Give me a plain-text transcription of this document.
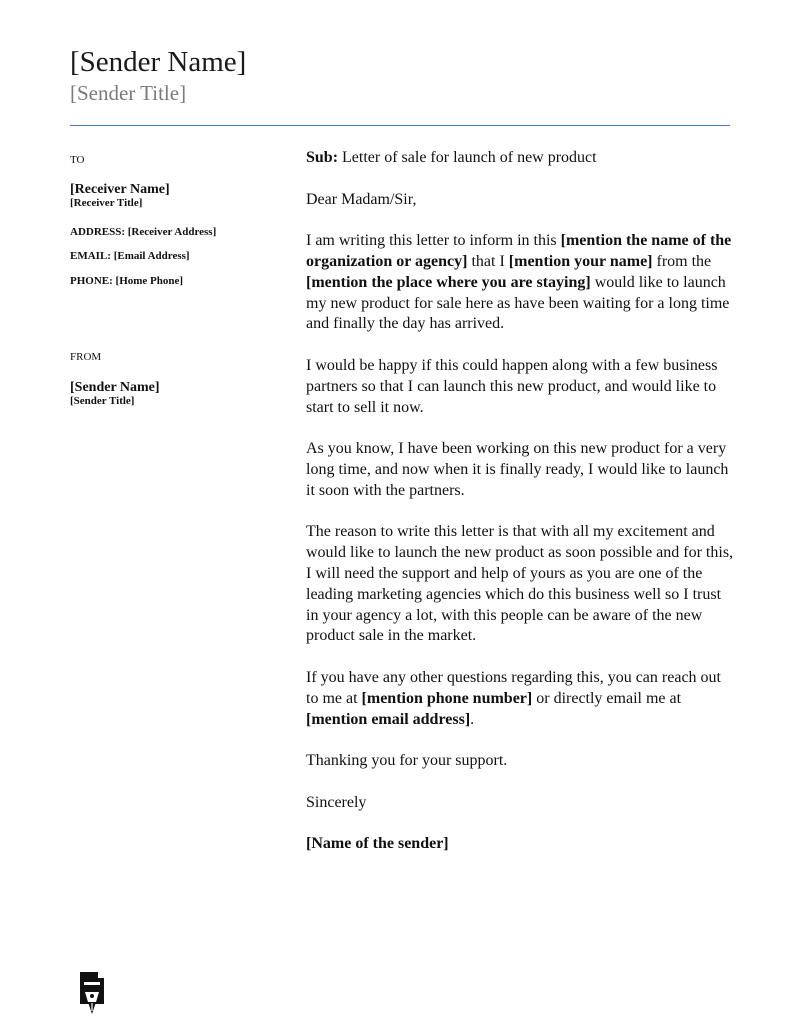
[Sender Name]
[Sender Title]
TO
[Receiver Name]
[Receiver Title]
ADDRESS: [Receiver Address]
EMAIL: [Email Address]
PHONE: [Home Phone]
FROM
[Sender Name]
[Sender Title]

Sub: Letter of sale for launch of new product

Dear Madam/Sir,

I am writing this letter to inform in this [mention the name of the organization or agency] that I [mention your name] from the [mention the place where you are staying] would like to launch my new product for sale here as have been waiting for a long time and finally the day has arrived.

I would be happy if this could happen along with a few business partners so that I can launch this new product, and would like to start to sell it now.

As you know, I have been working on this new product for a very long time, and now when it is finally ready, I would like to launch it soon with the partners.

The reason to write this letter is that with all my excitement and would like to launch the new product as soon possible and for this, I will need the support and help of yours as you are one of the leading marketing agencies which do this business well so I trust in your agency a lot, with this people can be aware of the new product sale in the market.

If you have any other questions regarding this, you can reach out to me at [mention phone number] or directly email me at [mention email address].

Thanking you for your support.

Sincerely

[Name of the sender]
